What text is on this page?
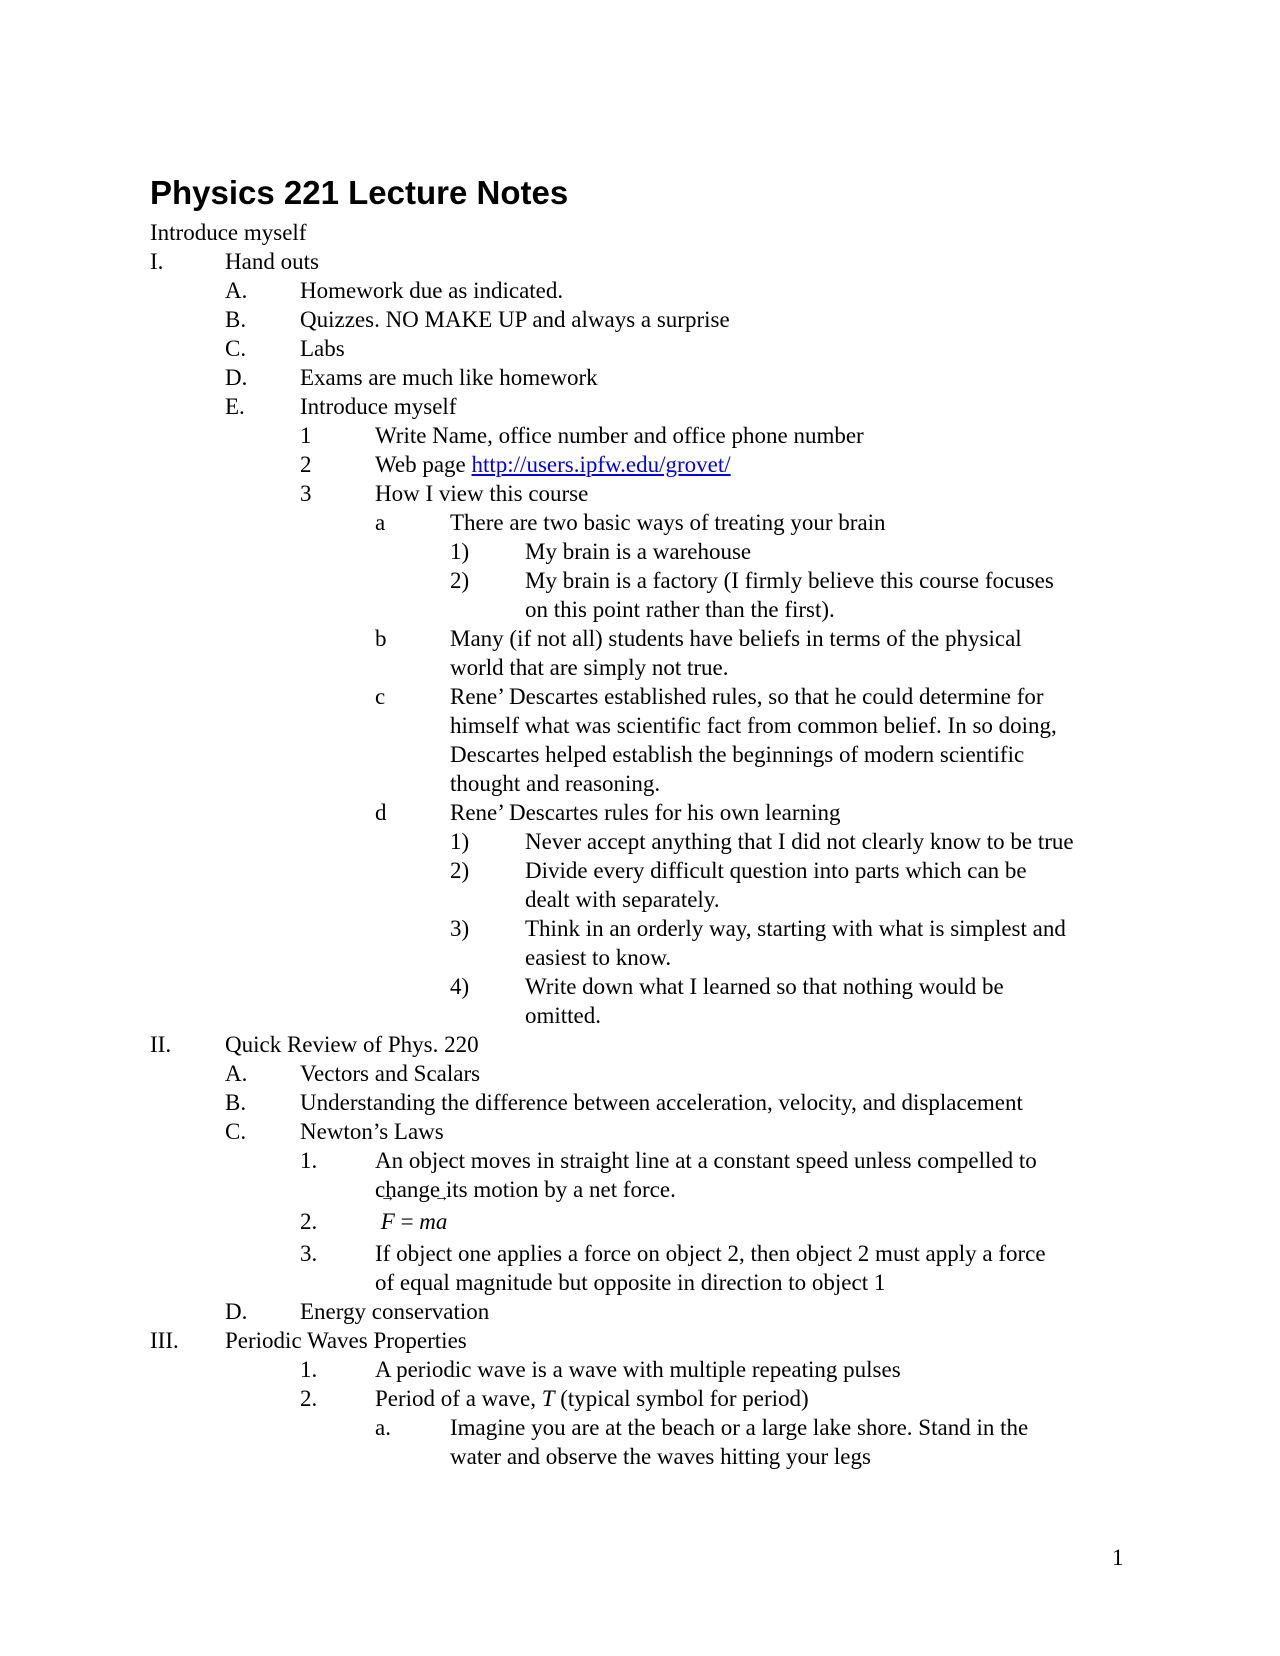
Physics 221 Lecture Notes
Introduce myself
I.	Hand outs
A. Homework due as indicated.
B. Quizzes. NO MAKE UP and always a surprise
C. Labs
D. Exams are much like homework
E. Introduce myself
1	Write Name, office number and office phone number
2	Web page http://users.ipfw.edu/grovet/
3	How I view this course
a	There are two basic ways of treating your brain
1) My brain is a warehouse
2) My brain is a factory (I firmly believe this course focuses
on this point rather than the first).
b	Many (if not all) students have beliefs in terms of the physical
world that are simply not true.
c	Rene’ Descartes established rules, so that he could determine for
himself what was scientific fact from common belief. In so doing,
Descartes helped establish the beginnings of modern scientific
thought and reasoning.
d	Rene’ Descartes rules for his own learning
1) Never accept anything that I did not clearly know to be true
2) Divide every difficult question into parts which can be
dealt with separately.
3) Think in an orderly way, starting with what is simplest and
easiest to know.
4) Write down what I learned so that nothing would be
omitted.
II. Quick Review of Phys. 220
A. Vectors and Scalars
B. Understanding the difference between acceleration, velocity, and displacement
C. Newton’s Laws
1.	An object moves in straight line at a constant speed unless compelled to
change its motion by a net force.
2.
→	F = m→ a
3.	If object one applies a force on object 2, then object 2 must apply a force
of equal magnitude but opposite in direction to object 1
D. Energy conservation
III. Periodic Waves Properties
1.	A periodic wave is a wave with multiple repeating pulses
2.	Period of a wave, T (typical symbol for period)
a.	Imagine you are at the beach or a large lake shore. Stand in the
water and observe the waves hitting your legs
1
